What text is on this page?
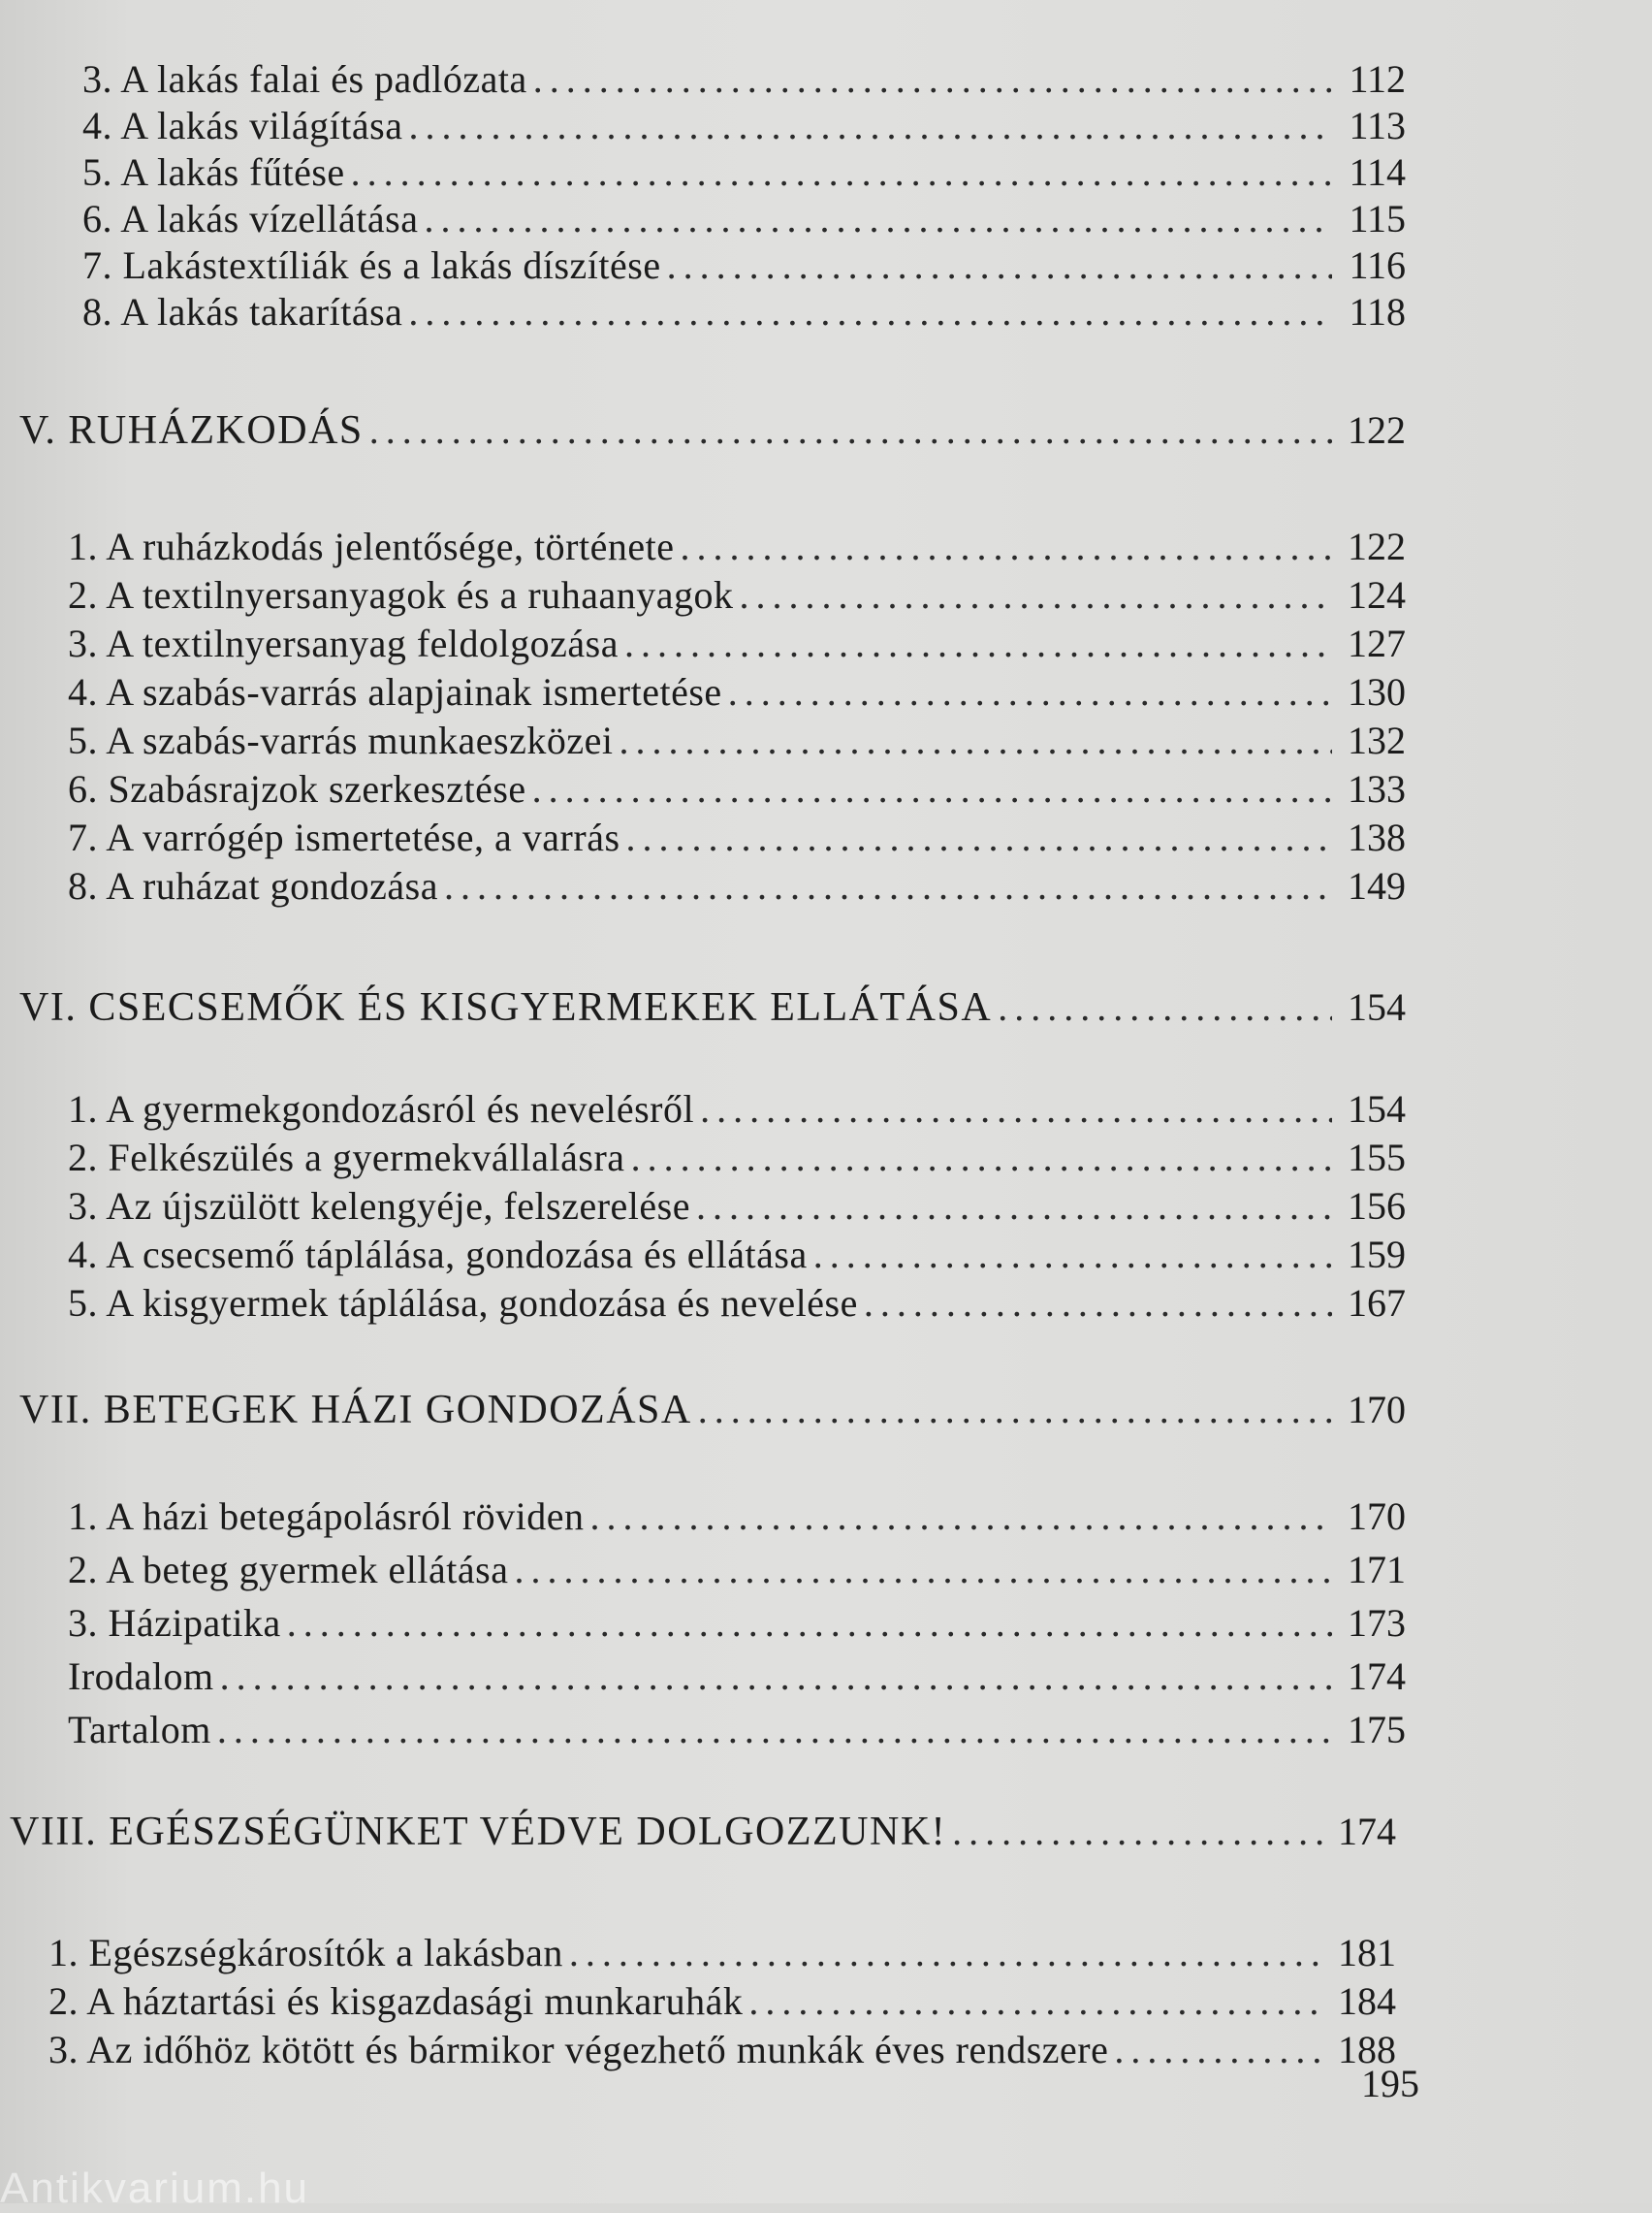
3. A lakás falai és padlózata .....	112
4. A lakás világítása .....	113
5. A lakás fűtése .....	114
6. A lakás vízellátása .....	115
7. Lakástextíliák és a lakás díszítése .....	116
8. A lakás takarítása .....	118
V. RUHÁZKODÁS .....	122
1. A ruházkodás jelentősége, története .....	122
2. A textilnyersanyagok és a ruhaanyagok .....	124
3. A textilnyersanyag feldolgozása .....	127
4. A szabás-varrás alapjainak ismertetése .....	130
5. A szabás-varrás munkaeszközei .....	132
6. Szabásrajzok szerkesztése .....	133
7. A varrógép ismertetése, a varrás .....	138
8. A ruházat gondozása .....	149
VI. CSECSEMŐK ÉS KISGYERMEKEK ELLÁTÁSA .....	154
1. A gyermekgondozásról és nevelésről .....	154
2. Felkészülés a gyermekvállalásra .....	155
3. Az újszülött kelengyéje, felszerelése .....	156
4. A csecsemő táplálása, gondozása és ellátása .....	159
5. A kisgyermek táplálása, gondozása és nevelése .....	167
VII. BETEGEK HÁZI GONDOZÁSA .....	170
1. A házi betegápolásról röviden .....	170
2. A beteg gyermek ellátása .....	171
3. Házipatika .....	173
Irodalom .....	174
Tartalom .....	175
VIII. EGÉSZSÉGÜNKET VÉDVE DOLGOZZUNK! .....	174
1. Egészségkárosítók a lakásban .....	181
2. A háztartási és kisgazdasági munkaruhák .....	184
3. Az időhöz kötött és bármikor végezhető munkák éves rendszere .....	188
195
Antikvarium.hu
